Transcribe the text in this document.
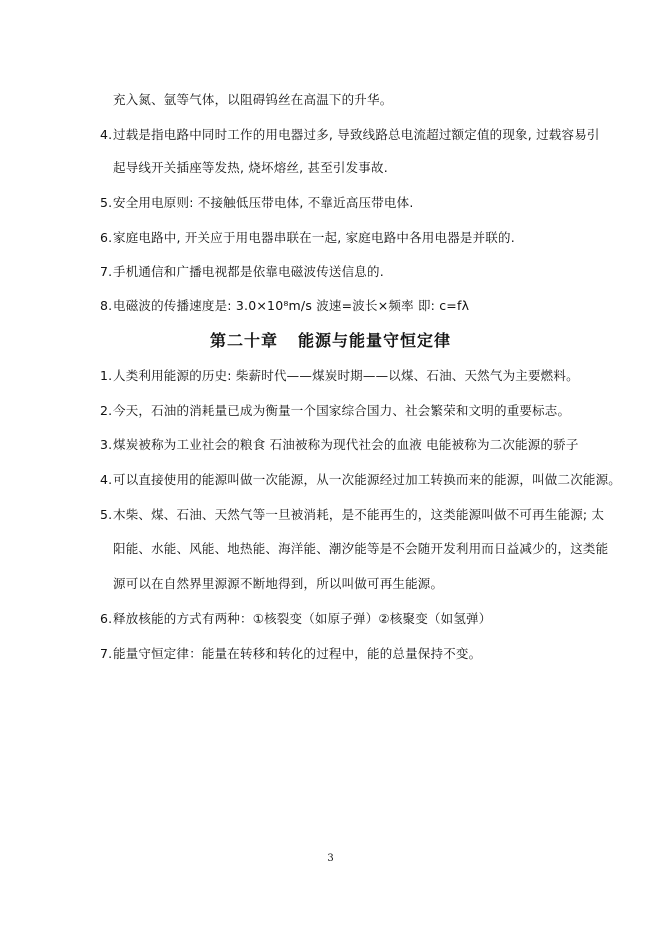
充入氮、氩等气体，以阻碍钨丝在高温下的升华。
4.过载是指电路中同时工作的用电器过多, 导致线路总电流超过额定值的现象, 过载容易引
起导线开关插座等发热, 烧坏熔丝, 甚至引发事故.
5.安全用电原则: 不接触低压带电体, 不靠近高压带电体.
6.家庭电路中, 开关应于用电器串联在一起, 家庭电路中各用电器是并联的.
7.手机通信和广播电视都是依靠电磁波传送信息的.
8.电磁波的传播速度是: 3.0×10⁸m/s 波速=波长×频率 即: c=fλ
第二十章 能源与能量守恒定律
1.人类利用能源的历史: 柴薪时代——煤炭时期——以煤、石油、天然气为主要燃料。
2.今天，石油的消耗量已成为衡量一个国家综合国力、社会繁荣和文明的重要标志。
3.煤炭被称为工业社会的粮食 石油被称为现代社会的血液 电能被称为二次能源的骄子
4.可以直接使用的能源叫做一次能源，从一次能源经过加工转换而来的能源，叫做二次能源。
5.木柴、煤、石油、天然气等一旦被消耗，是不能再生的，这类能源叫做不可再生能源; 太
阳能、水能、风能、地热能、海洋能、潮汐能等是不会随开发利用而日益减少的，这类能
源可以在自然界里源源不断地得到，所以叫做可再生能源。
6.释放核能的方式有两种：①核裂变（如原子弹）②核聚变（如氢弹）
7.能量守恒定律：能量在转移和转化的过程中，能的总量保持不变。
3
